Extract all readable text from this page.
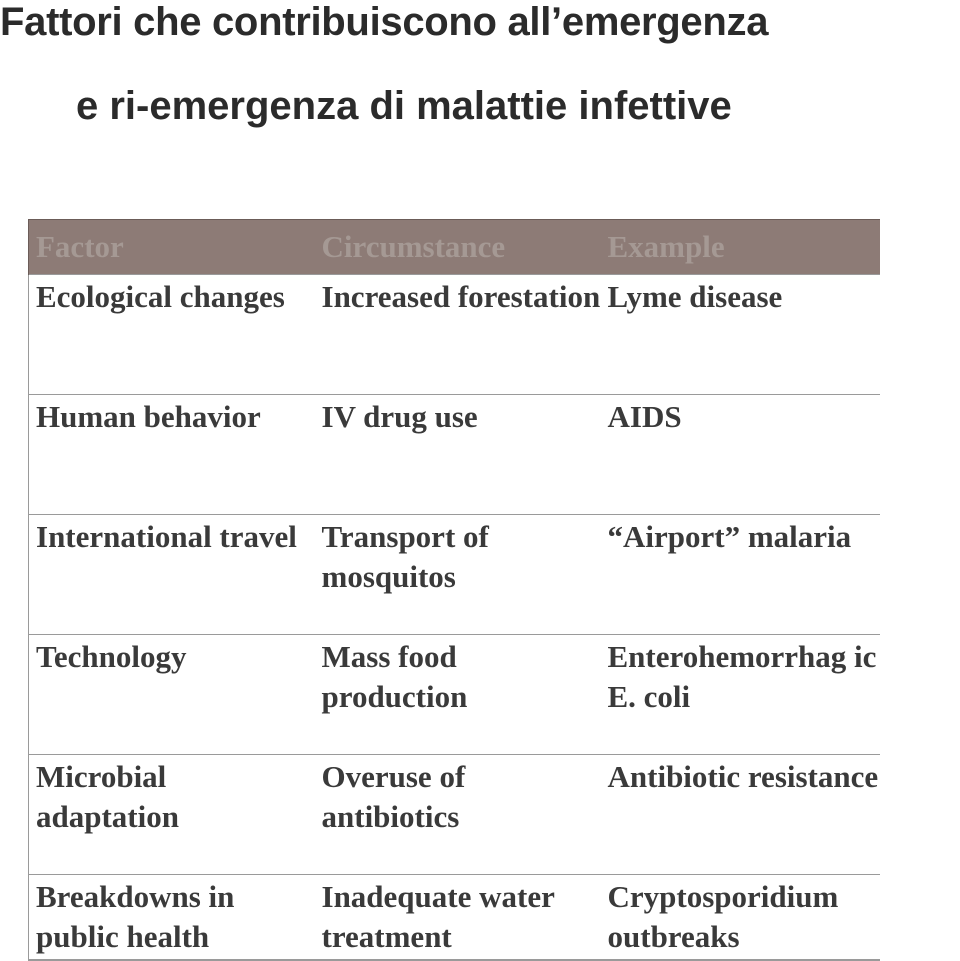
Fattori che contribuiscono all’emergenza
e ri-emergenza di malattie infettive
Factor	Circumstance	Example
Ecological changes	Increased forestation	Lyme disease
Human behavior	IV drug use	AIDS
International travel	Transport of mosquitos	“Airport” malaria
Technology	Mass food production	Enterohemorrhag ic E. coli
Microbial adaptation	Overuse of antibiotics	Antibiotic resistance
Breakdowns in public health	Inadequate water treatment	Cryptosporidium outbreaks
